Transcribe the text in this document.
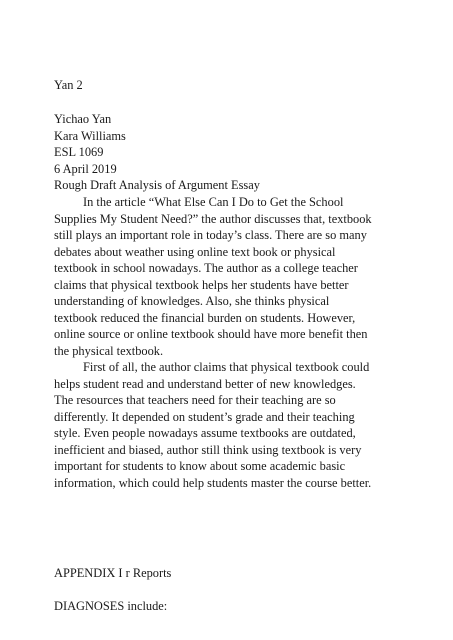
Yan 2
Yichao Yan
Kara Williams
ESL 1069
6 April 2019
Rough Draft Analysis of Argument Essay
In the article “What Else Can I Do to Get the School
Supplies My Student Need?” the author discusses that, textbook
still plays an important role in today’s class. There are so many
debates about weather using online text book or physical
textbook in school nowadays. The author as a college teacher
claims that physical textbook helps her students have better
understanding of knowledges. Also, she thinks physical
textbook reduced the financial burden on students. However,
online source or online textbook should have more benefit then
the physical textbook.
First of all, the author claims that physical textbook could
helps student read and understand better of new knowledges.
The resources that teachers need for their teaching are so
differently. It depended on student’s grade and their teaching
style. Even people nowadays assume textbooks are outdated,
inefficient and biased, author still think using textbook is very
important for students to know about some academic basic
information, which could help students master the course better.
APPENDIX I r Reports
DIAGNOSES include:
